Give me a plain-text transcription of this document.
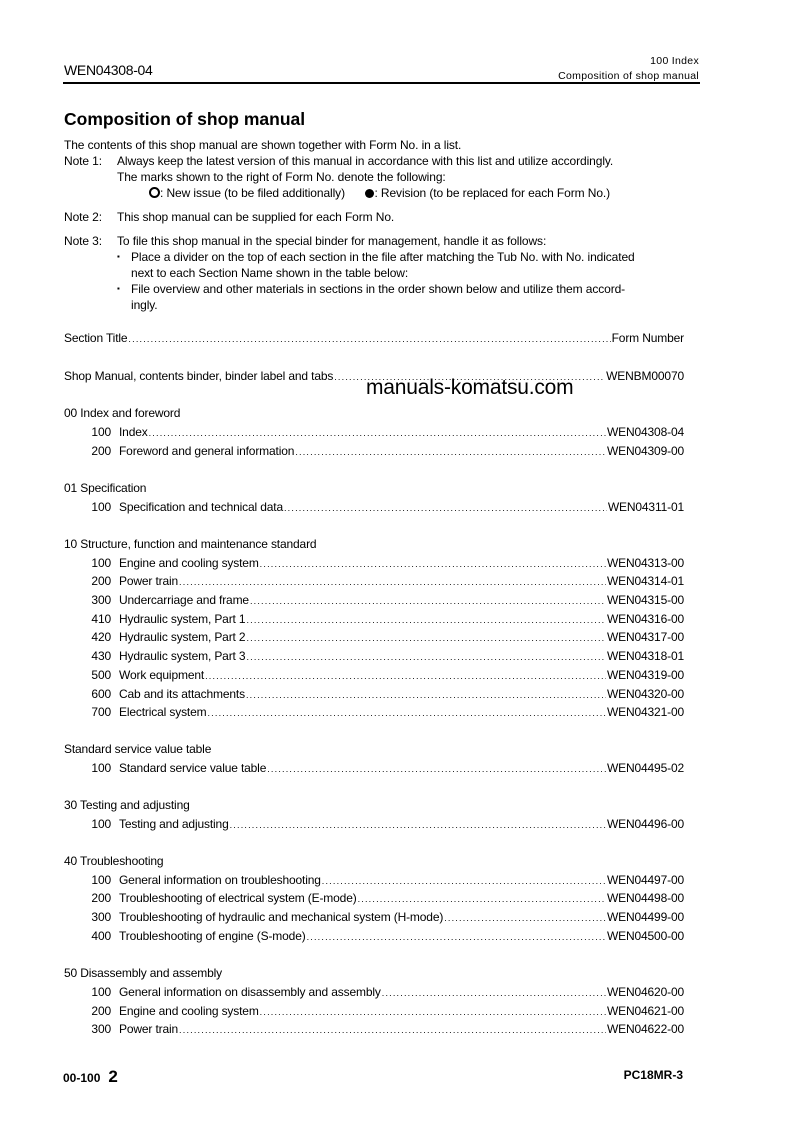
WEN04308-04
100 Index
Composition of shop manual
Composition of shop manual
The contents of this shop manual are shown together with Form No. in a list.
Note 1: Always keep the latest version of this manual in accordance with this list and utilize accordingly.
The marks shown to the right of Form No. denote the following:
: New issue (to be filed additionally) : Revision (to be replaced for each Form No.)
Note 2: This shop manual can be supplied for each Form No.
Note 3: To file this shop manual in the special binder for management, handle it as follows:
▪ Place a divider on the top of each section in the file after matching the Tub No. with No. indicated
next to each Section Name shown in the table below:
▪ File overview and other materials in sections in the order shown below and utilize them accord-
ingly.
Section Title .....	Form Number
Shop Manual, contents binder, binder label and tabs .....	WENBM00070
00 Index and foreword
100 Index .....	WEN04308-04
200 Foreword and general information .....	WEN04309-00
01 Specification
100 Specification and technical data .....	WEN04311-01
10 Structure, function and maintenance standard
100 Engine and cooling system .....	WEN04313-00
200 Power train .....	WEN04314-01
300 Undercarriage and frame .....	WEN04315-00
410 Hydraulic system, Part 1 .....	WEN04316-00
420 Hydraulic system, Part 2 .....	WEN04317-00
430 Hydraulic system, Part 3 .....	WEN04318-01
500 Work equipment .....	WEN04319-00
600 Cab and its attachments .....	WEN04320-00
700 Electrical system .....	WEN04321-00
Standard service value table
100 Standard service value table .....	WEN04495-02
30 Testing and adjusting
100 Testing and adjusting .....	WEN04496-00
40 Troubleshooting
100 General information on troubleshooting .....	WEN04497-00
200 Troubleshooting of electrical system (E-mode) .....	WEN04498-00
300 Troubleshooting of hydraulic and mechanical system (H-mode) .....	WEN04499-00
400 Troubleshooting of engine (S-mode) .....	WEN04500-00
50 Disassembly and assembly
100 General information on disassembly and assembly .....	WEN04620-00
200 Engine and cooling system .....	WEN04621-00
300 Power train .....	WEN04622-00
manuals-komatsu.com
00-100 2	PC18MR-3
